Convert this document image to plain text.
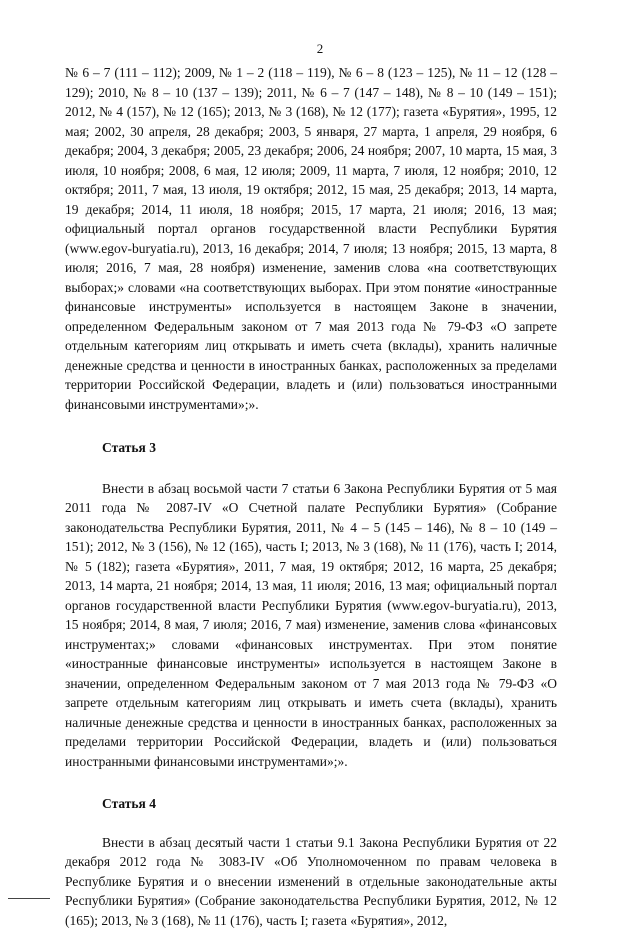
2

№ 6 – 7 (111 – 112); 2009, № 1 – 2 (118 – 119), № 6 – 8 (123 – 125), № 11 – 12 (128 – 129); 2010, № 8 – 10 (137 – 139); 2011, № 6 – 7 (147 – 148), № 8 – 10 (149 – 151); 2012, № 4 (157), № 12 (165); 2013, № 3 (168), № 12 (177); газета «Бурятия», 1995, 12 мая; 2002, 30 апреля, 28 декабря; 2003, 5 января, 27 марта, 1 апреля, 29 ноября, 6 декабря; 2004, 3 декабря; 2005, 23 декабря; 2006, 24 ноября; 2007, 10 марта, 15 мая, 3 июля, 10 ноября; 2008, 6 мая, 12 июля; 2009, 11 марта, 7 июля, 12 ноября; 2010, 12 октября; 2011, 7 мая, 13 июля, 19 октября; 2012, 15 мая, 25 декабря; 2013, 14 марта, 19 декабря; 2014, 11 июля, 18 ноября; 2015, 17 марта, 21 июля; 2016, 13 мая; официальный портал органов государственной власти Республики Бурятия (www.egov-buryatia.ru), 2013, 16 декабря; 2014, 7 июля; 13 ноября; 2015, 13 марта, 8 июля; 2016, 7 мая, 28 ноября) изменение, заменив слова «на соответствующих выборах;» словами «на соответствующих выборах. При этом понятие «иностранные финансовые инструменты» используется в настоящем Законе в значении, определенном Федеральным законом от 7 мая 2013 года № 79-ФЗ «О запрете отдельным категориям лиц открывать и иметь счета (вклады), хранить наличные денежные средства и ценности в иностранных банках, расположенных за пределами территории Российской Федерации, владеть и (или) пользоваться иностранными финансовыми инструментами»;».

Статья 3

Внести в абзац восьмой части 7 статьи 6 Закона Республики Бурятия от 5 мая 2011 года № 2087-IV «О Счетной палате Республики Бурятия» (Собрание законодательства Республики Бурятия, 2011, № 4 – 5 (145 – 146), № 8 – 10 (149 – 151); 2012, № 3 (156), № 12 (165), часть I; 2013, № 3 (168), № 11 (176), часть I; 2014, № 5 (182); газета «Бурятия», 2011, 7 мая, 19 октября; 2012, 16 марта, 25 декабря; 2013, 14 марта, 21 ноября; 2014, 13 мая, 11 июля; 2016, 13 мая; официальный портал органов государственной власти Республики Бурятия (www.egov-buryatia.ru), 2013, 15 ноября; 2014, 8 мая, 7 июля; 2016, 7 мая) изменение, заменив слова «финансовых инструментах;» словами «финансовых инструментах. При этом понятие «иностранные финансовые инструменты» используется в настоящем Законе в значении, определенном Федеральным законом от 7 мая 2013 года № 79-ФЗ «О запрете отдельным категориям лиц открывать и иметь счета (вклады), хранить наличные денежные средства и ценности в иностранных банках, расположенных за пределами территории Российской Федерации, владеть и (или) пользоваться иностранными финансовыми инструментами»;».

Статья 4

Внести в абзац десятый части 1 статьи 9.1 Закона Республики Бурятия от 22 декабря 2012 года № 3083-IV «Об Уполномоченном по правам человека в Республике Бурятия и о внесении изменений в отдельные законодательные акты Республики Бурятия» (Собрание законодательства Республики Бурятия, 2012, № 12 (165); 2013, № 3 (168), № 11 (176), часть I; газета «Бурятия», 2012,
